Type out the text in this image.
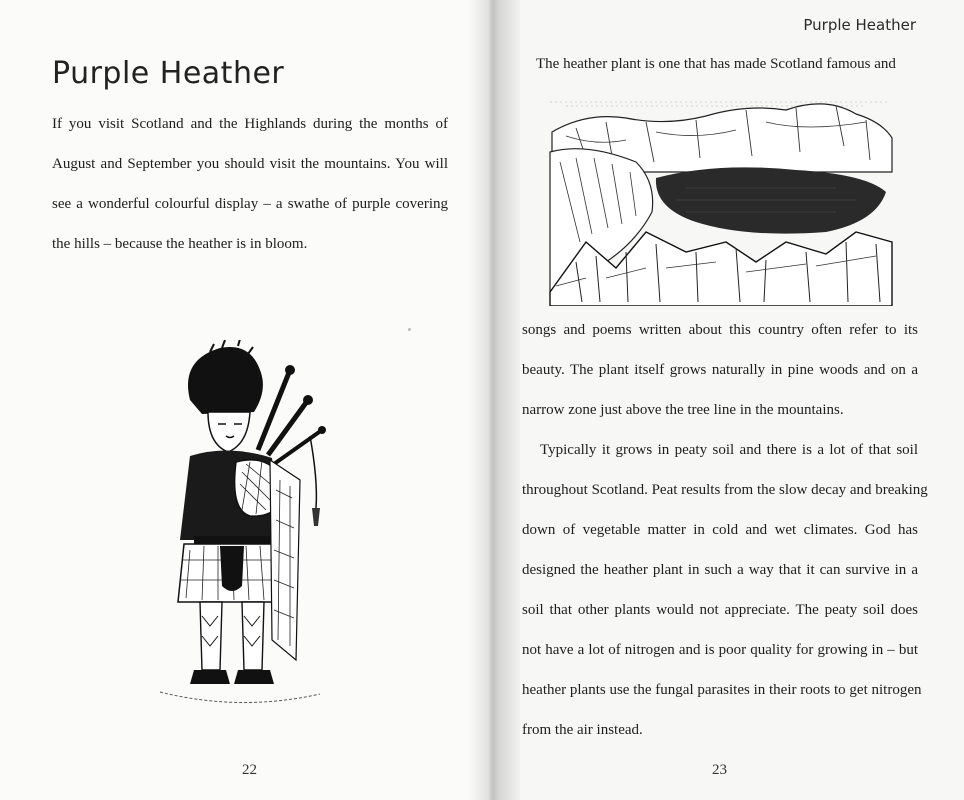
Purple Heather
If you visit Scotland and the Highlands during the months of
August and September you should visit the mountains. You will
see a wonderful colourful display – a swathe of purple covering
the hills – because the heather is in bloom.
22
Purple Heather
The heather plant is one that has made Scotland famous and
songs and poems written about this country often refer to its
beauty. The plant itself grows naturally in pine woods and on a
narrow zone just above the tree line in the mountains.
Typically it grows in peaty soil and there is a lot of that soil
throughout Scotland. Peat results from the slow decay and breaking
down of vegetable matter in cold and wet climates. God has
designed the heather plant in such a way that it can survive in a
soil that other plants would not appreciate. The peaty soil does
not have a lot of nitrogen and is poor quality for growing in – but
heather plants use the fungal parasites in their roots to get nitrogen
from the air instead.
23
